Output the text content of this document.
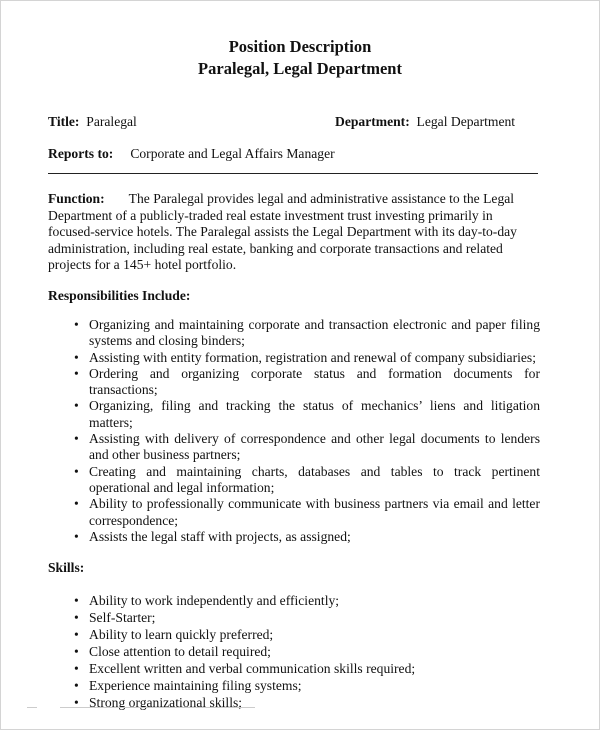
Position Description
Paralegal, Legal Department
Title: Paralegal	Department: Legal Department
Reports to: Corporate and Legal Affairs Manager
Function: The Paralegal provides legal and administrative assistance to the Legal Department of a publicly-traded real estate investment trust investing primarily in focused-service hotels. The Paralegal assists the Legal Department with its day-to-day administration, including real estate, banking and corporate transactions and related projects for a 145+ hotel portfolio.
Responsibilities Include:
• Organizing and maintaining corporate and transaction electronic and paper filing systems and closing binders;
• Assisting with entity formation, registration and renewal of company subsidiaries;
• Ordering and organizing corporate status and formation documents for transactions;
• Organizing, filing and tracking the status of mechanics’ liens and litigation matters;
• Assisting with delivery of correspondence and other legal documents to lenders and other business partners;
• Creating and maintaining charts, databases and tables to track pertinent operational and legal information;
• Ability to professionally communicate with business partners via email and letter correspondence;
• Assists the legal staff with projects, as assigned;
Skills:
• Ability to work independently and efficiently;
• Self-Starter;
• Ability to learn quickly preferred;
• Close attention to detail required;
• Excellent written and verbal communication skills required;
• Experience maintaining filing systems;
• Strong organizational skills;
